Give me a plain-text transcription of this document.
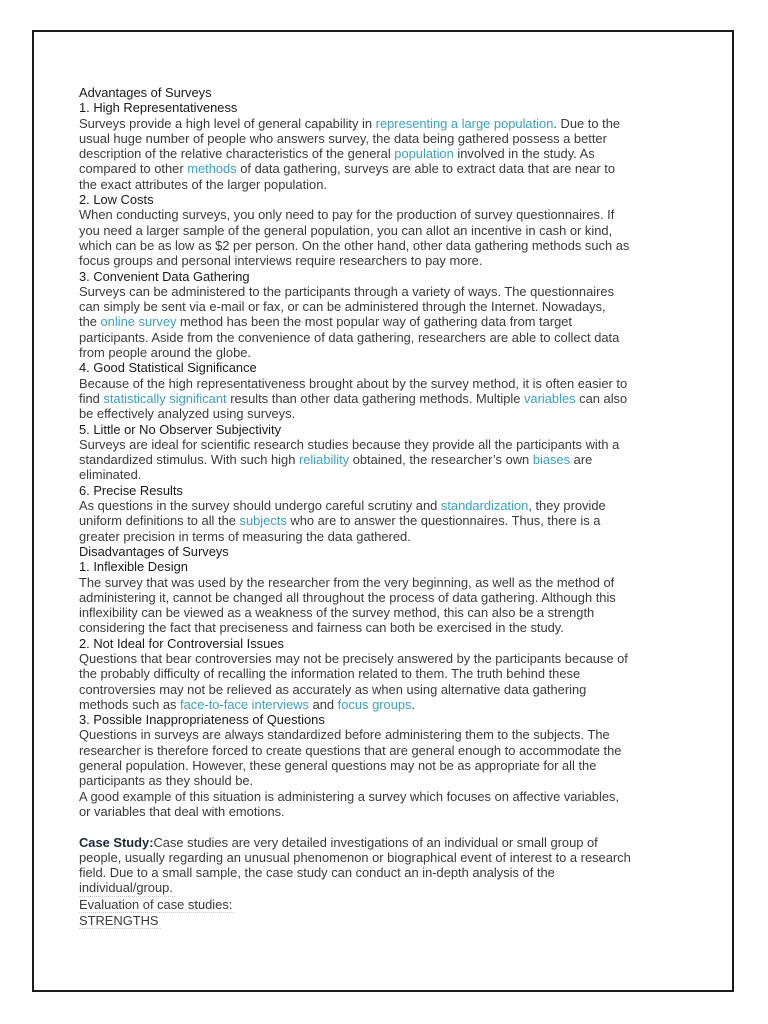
Advantages of Surveys
1. High Representativeness
Surveys provide a high level of general capability in representing a large population. Due to the
usual huge number of people who answers survey, the data being gathered possess a better
description of the relative characteristics of the general population involved in the study. As
compared to other methods of data gathering, surveys are able to extract data that are near to
the exact attributes of the larger population.
2. Low Costs
When conducting surveys, you only need to pay for the production of survey questionnaires. If
you need a larger sample of the general population, you can allot an incentive in cash or kind,
which can be as low as $2 per person. On the other hand, other data gathering methods such as
focus groups and personal interviews require researchers to pay more.
3. Convenient Data Gathering
Surveys can be administered to the participants through a variety of ways. The questionnaires
can simply be sent via e-mail or fax, or can be administered through the Internet. Nowadays,
the online survey method has been the most popular way of gathering data from target
participants. Aside from the convenience of data gathering, researchers are able to collect data
from people around the globe.
4. Good Statistical Significance
Because of the high representativeness brought about by the survey method, it is often easier to
find statistically significant results than other data gathering methods. Multiple variables can also
be effectively analyzed using surveys.
5. Little or No Observer Subjectivity
Surveys are ideal for scientific research studies because they provide all the participants with a
standardized stimulus. With such high reliability obtained, the researcher’s own biases are
eliminated.
6. Precise Results
As questions in the survey should undergo careful scrutiny and standardization, they provide
uniform definitions to all the subjects who are to answer the questionnaires. Thus, there is a
greater precision in terms of measuring the data gathered.
Disadvantages of Surveys
1. Inflexible Design
The survey that was used by the researcher from the very beginning, as well as the method of
administering it, cannot be changed all throughout the process of data gathering. Although this
inflexibility can be viewed as a weakness of the survey method, this can also be a strength
considering the fact that preciseness and fairness can both be exercised in the study.
2. Not Ideal for Controversial Issues
Questions that bear controversies may not be precisely answered by the participants because of
the probably difficulty of recalling the information related to them. The truth behind these
controversies may not be relieved as accurately as when using alternative data gathering
methods such as face-to-face interviews and focus groups.
3. Possible Inappropriateness of Questions
Questions in surveys are always standardized before administering them to the subjects. The
researcher is therefore forced to create questions that are general enough to accommodate the
general population. However, these general questions may not be as appropriate for all the
participants as they should be.
A good example of this situation is administering a survey which focuses on affective variables,
or variables that deal with emotions.
Case Study:Case studies are very detailed investigations of an individual or small group of
people, usually regarding an unusual phenomenon or biographical event of interest to a research
field. Due to a small sample, the case study can conduct an in-depth analysis of the
individual/group.
Evaluation of case studies:
STRENGTHS
